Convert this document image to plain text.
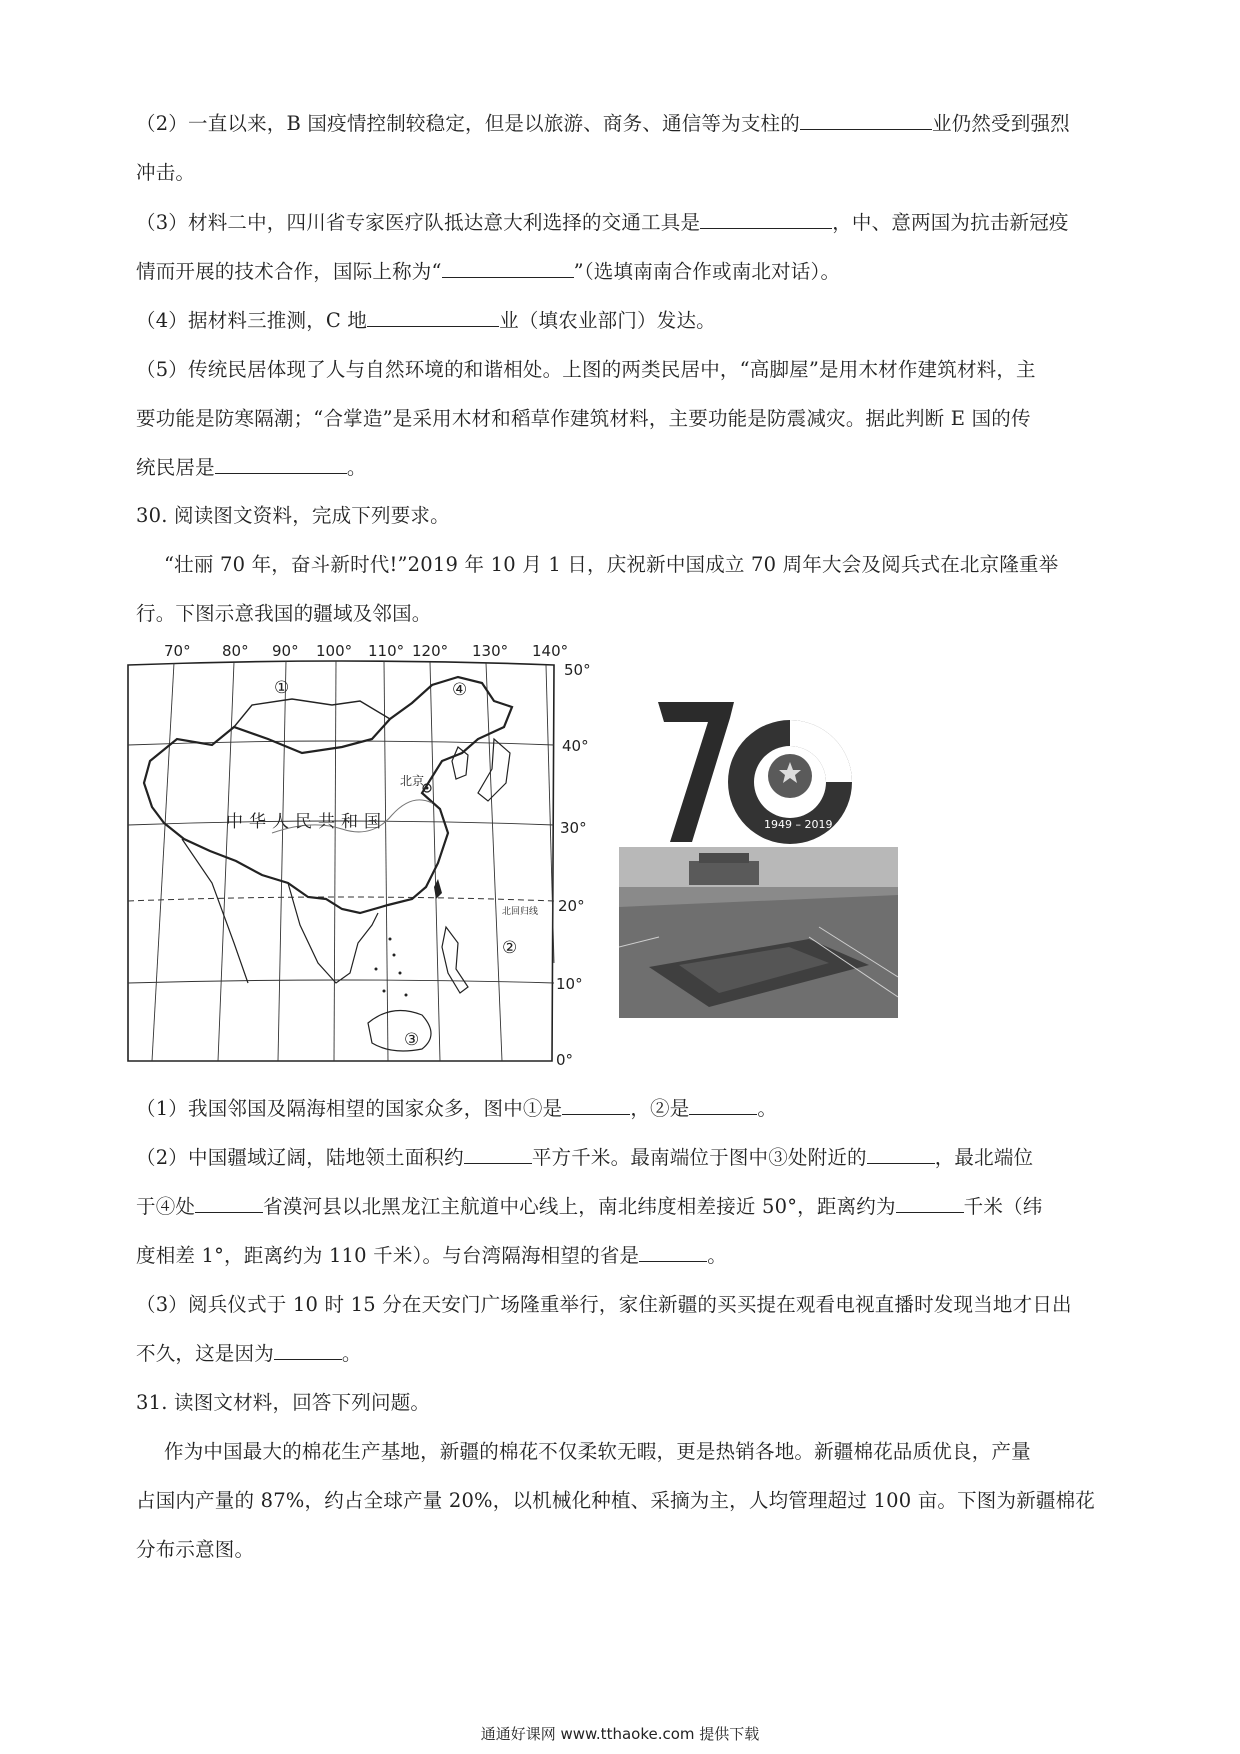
（2）一直以来，B 国疫情控制较稳定，但是以旅游、商务、通信等为支柱的	业仍然受到强烈
冲击。
（3）材料二中，四川省专家医疗队抵达意大利选择的交通工具是	，中、意两国为抗击新冠疫
情而开展的技术合作，国际上称为“	”（选填南南合作或南北对话）。
（4）据材料三推测，C 地	业（填农业部门）发达。
（5）传统民居体现了人与自然环境的和谐相处。上图的两类民居中，“高脚屋”是用木材作建筑材料，主
要功能是防寒隔潮；“合掌造”是采用木材和稻草作建筑材料，主要功能是防震减灾。据此判断 E 国的传
统民居是	。
30. 阅读图文资料，完成下列要求。
“壮丽 70 年，奋斗新时代!”2019 年 10 月 1 日，庆祝新中国成立 70 周年大会及阅兵式在北京隆重举
行。下图示意我国的疆域及邻国。
70° 80° 90° 100° 110° 120° 130° 140°
50°
40°
30°
20°
10°
0°
北回归线
中华人民共和国
北京
①
②
③
④
1949 – 2019
（1）我国邻国及隔海相望的国家众多，图中①是	，②是	。
（2）中国疆域辽阔，陆地领土面积约	平方千米。最南端位于图中③处附近的	，最北端位
于④处	省漠河县以北黑龙江主航道中心线上，南北纬度相差接近 50°，距离约为	千米（纬
度相差 1°，距离约为 110 千米）。与台湾隔海相望的省是	。
（3）阅兵仪式于 10 时 15 分在天安门广场隆重举行，家住新疆的买买提在观看电视直播时发现当地才日出
不久，这是因为	。
31. 读图文材料，回答下列问题。
作为中国最大的棉花生产基地，新疆的棉花不仅柔软无暇，更是热销各地。新疆棉花品质优良，产量
占国内产量的 87%，约占全球产量 20%，以机械化种植、采摘为主，人均管理超过 100 亩。下图为新疆棉花
分布示意图。
通通好课网 www.tthaoke.com 提供下载
